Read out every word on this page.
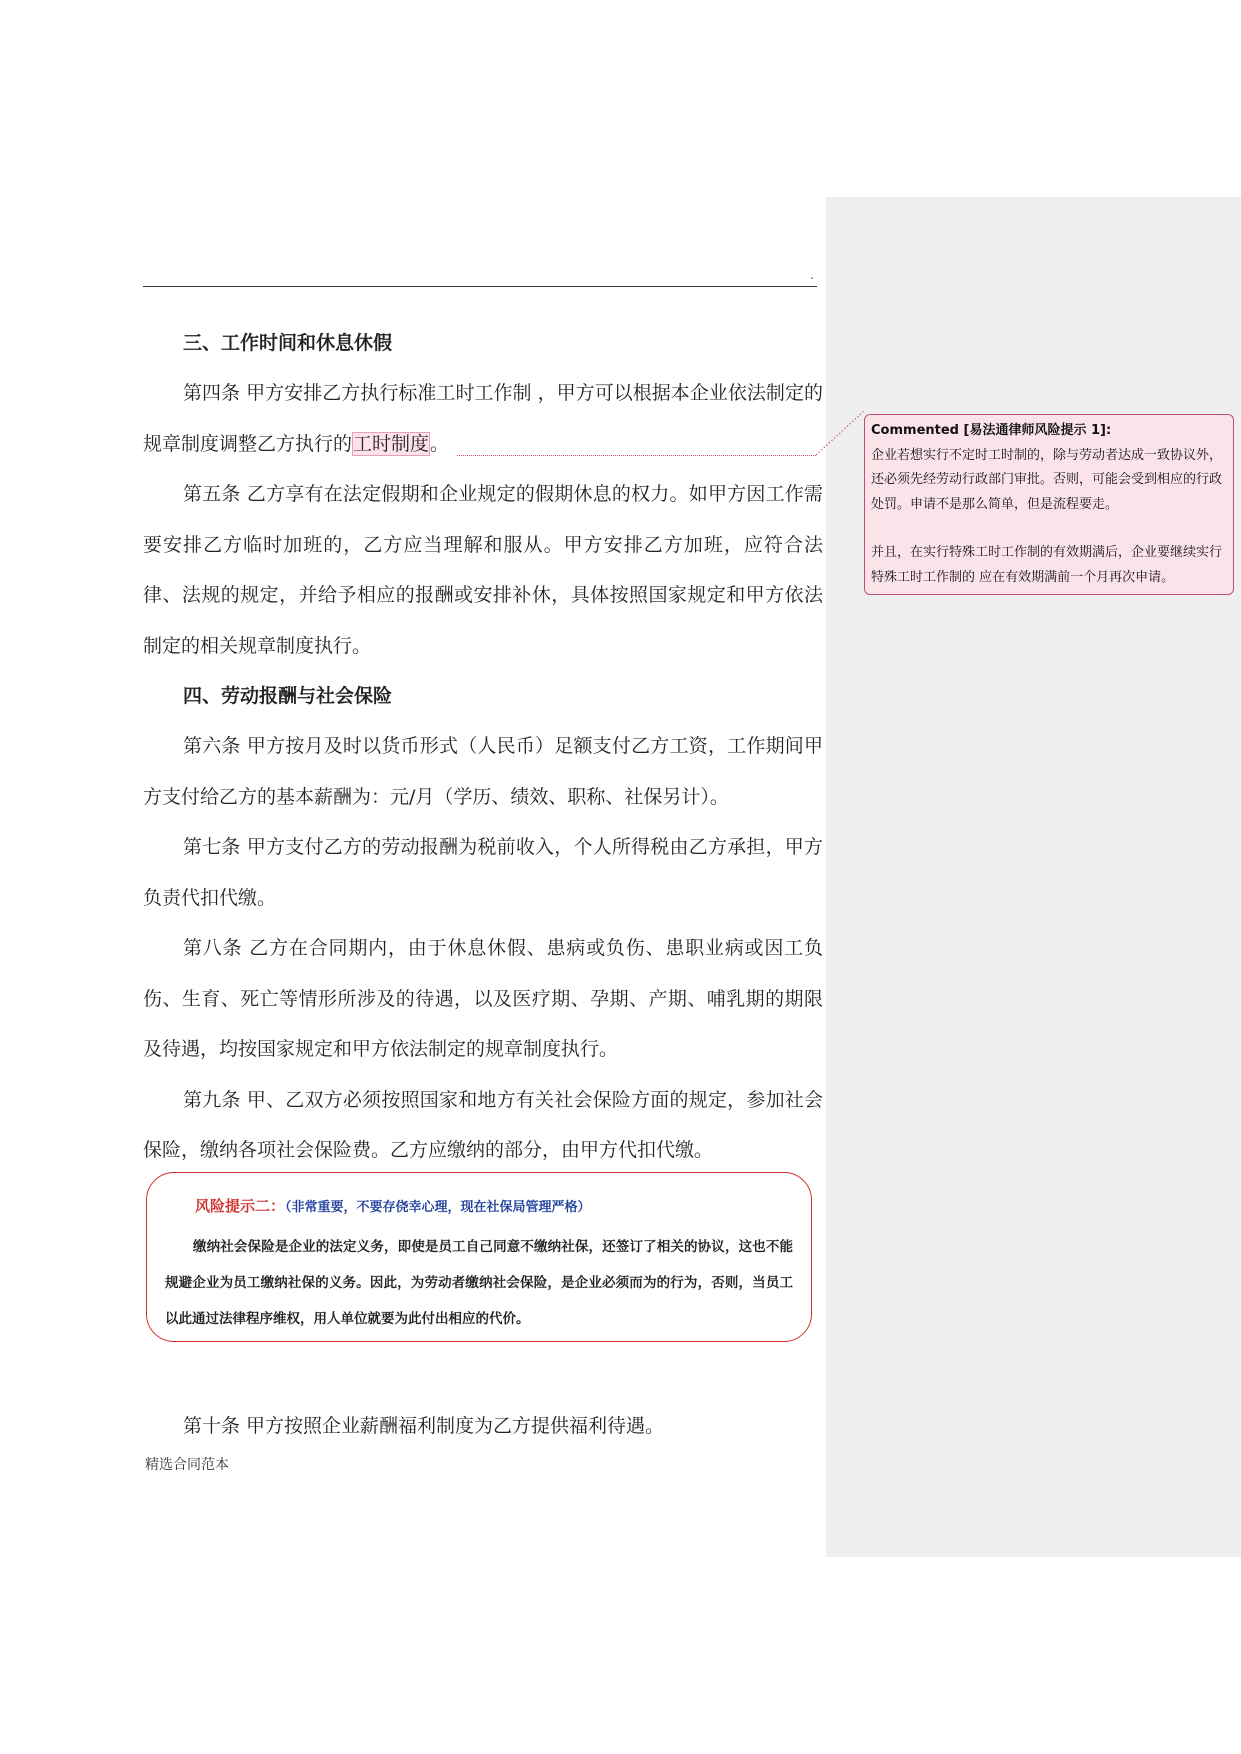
.

三、工作时间和休息休假

第四条 甲方安排乙方执行标准工时工作制 ，甲方可以根据本企业依法制定的规章制度调整乙方执行的工时制度。

第五条 乙方享有在法定假期和企业规定的假期休息的权力。如甲方因工作需要安排乙方临时加班的，乙方应当理解和服从。甲方安排乙方加班，应符合法律、法规的规定，并给予相应的报酬或安排补休，具体按照国家规定和甲方依法制定的相关规章制度执行。

四、劳动报酬与社会保险

第六条 甲方按月及时以货币形式（人民币）足额支付乙方工资，工作期间甲方支付给乙方的基本薪酬为：元/月（学历、绩效、职称、社保另计）。

第七条 甲方支付乙方的劳动报酬为税前收入，个人所得税由乙方承担，甲方负责代扣代缴。

第八条 乙方在合同期内，由于休息休假、患病或负伤、患职业病或因工负伤、生育、死亡等情形所涉及的待遇，以及医疗期、孕期、产期、哺乳期的期限及待遇，均按国家规定和甲方依法制定的规章制度执行。

第九条 甲、乙双方必须按照国家和地方有关社会保险方面的规定，参加社会保险，缴纳各项社会保险费。乙方应缴纳的部分，由甲方代扣代缴。

Commented [易法通律师风险提示 1]:
企业若想实行不定时工时制的，除与劳动者达成一致协议外，还必须先经劳动行政部门审批。否则，可能会受到相应的行政处罚。申请不是那么简单，但是流程要走。
并且，在实行特殊工时工作制的有效期满后，企业要继续实行特殊工时工作制的 应在有效期满前一个月再次申请。

风险提示二：（非常重要，不要存侥幸心理，现在社保局管理严格）

缴纳社会保险是企业的法定义务，即使是员工自己同意不缴纳社保，还签订了相关的协议，这也不能规避企业为员工缴纳社保的义务。因此，为劳动者缴纳社会保险，是企业必须而为的行为，否则，当员工以此通过法律程序维权，用人单位就要为此付出相应的代价。

第十条 甲方按照企业薪酬福利制度为乙方提供福利待遇。

精选合同范本
